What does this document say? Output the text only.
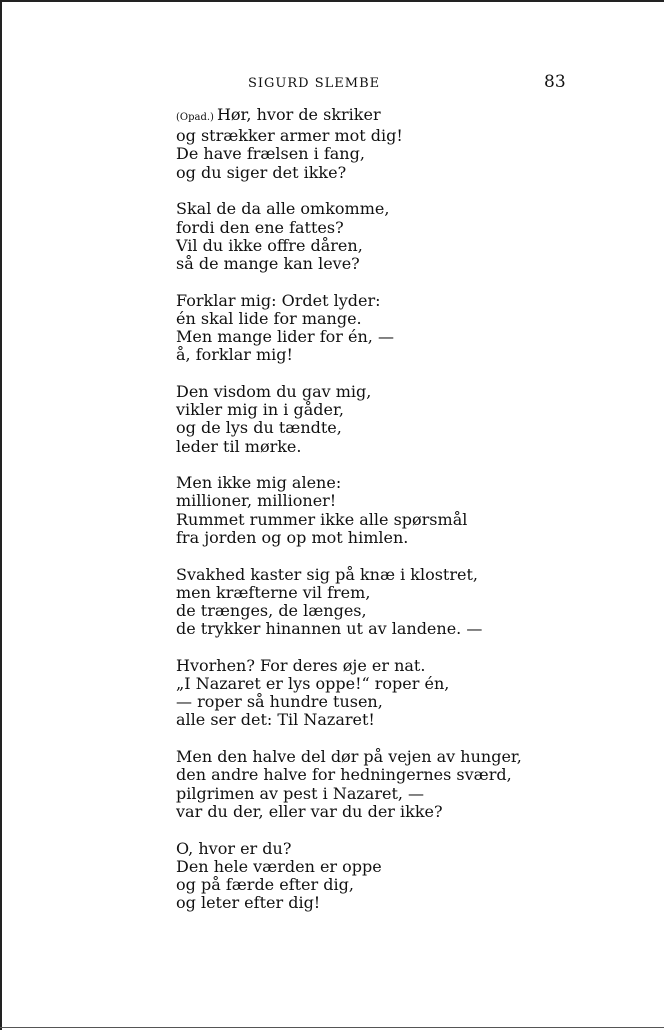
SIGURD SLEMBE	83
(Opad.) Hør, hvor de skriker
og strækker armer mot dig!
De have frælsen i fang,
og du siger det ikke?
Skal de da alle omkomme,
fordi den ene fattes?
Vil du ikke offre dåren,
så de mange kan leve?
Forklar mig: Ordet lyder:
én skal lide for mange.
Men mange lider for én, —
å, forklar mig!
Den visdom du gav mig,
vikler mig in i gåder,
og de lys du tændte,
leder til mørke.
Men ikke mig alene:
millioner, millioner!
Rummet rummer ikke alle spørsmål
fra jorden og op mot himlen.
Svakhed kaster sig på knæ i klostret,
men kræfterne vil frem,
de trænges, de længes,
de trykker hinannen ut av landene. —
Hvorhen? For deres øje er nat.
„I Nazaret er lys oppe!“ roper én,
— roper så hundre tusen,
alle ser det: Til Nazaret!
Men den halve del dør på vejen av hunger,
den andre halve for hedningernes sværd,
pilgrimen av pest i Nazaret, —
var du der, eller var du der ikke?
O, hvor er du?
Den hele værden er oppe
og på færde efter dig,
og leter efter dig!
